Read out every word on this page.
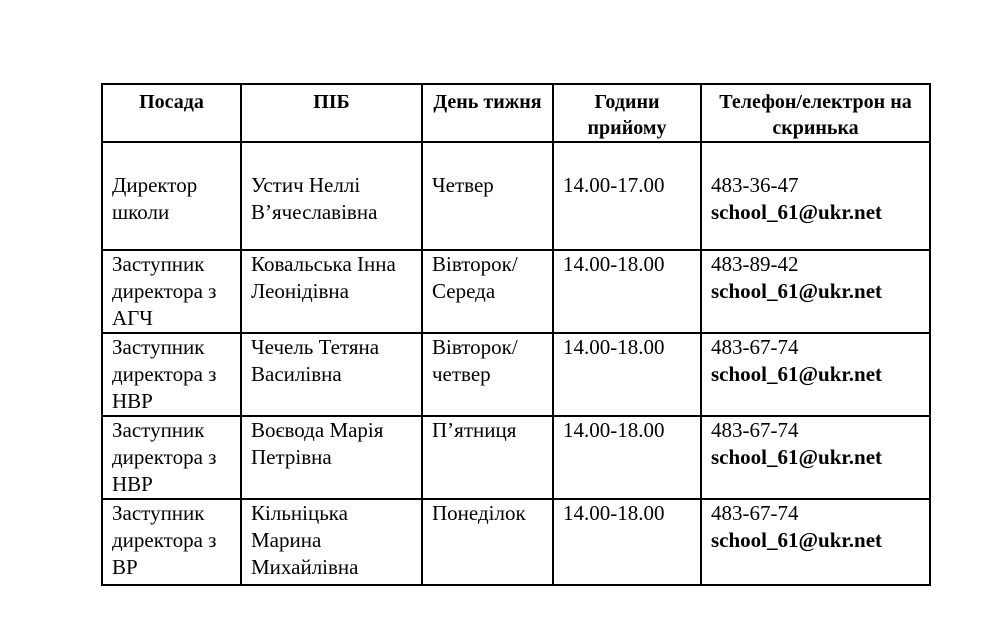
Посада	ПІБ	День тижня	Години прийому	Телефон/електрон на скринька

Директор школи	Устич Неллі В’ячеславівна	Четвер	14.00-17.00	483-36-47
school_61@ukr.net

Заступник директора з АГЧ	Ковальська Інна Леонідівна	Вівторок/ Середа	14.00-18.00	483-89-42
school_61@ukr.net

Заступник директора з НВР	Чечель Тетяна Василівна	Вівторок/ четвер	14.00-18.00	483-67-74
school_61@ukr.net

Заступник директора з НВР	Воєвода Марія Петрівна	П’ятниця	14.00-18.00	483-67-74
school_61@ukr.net

Заступник директора з ВР	Кільніцька Марина Михайлівна	Понеділок	14.00-18.00	483-67-74
school_61@ukr.net
